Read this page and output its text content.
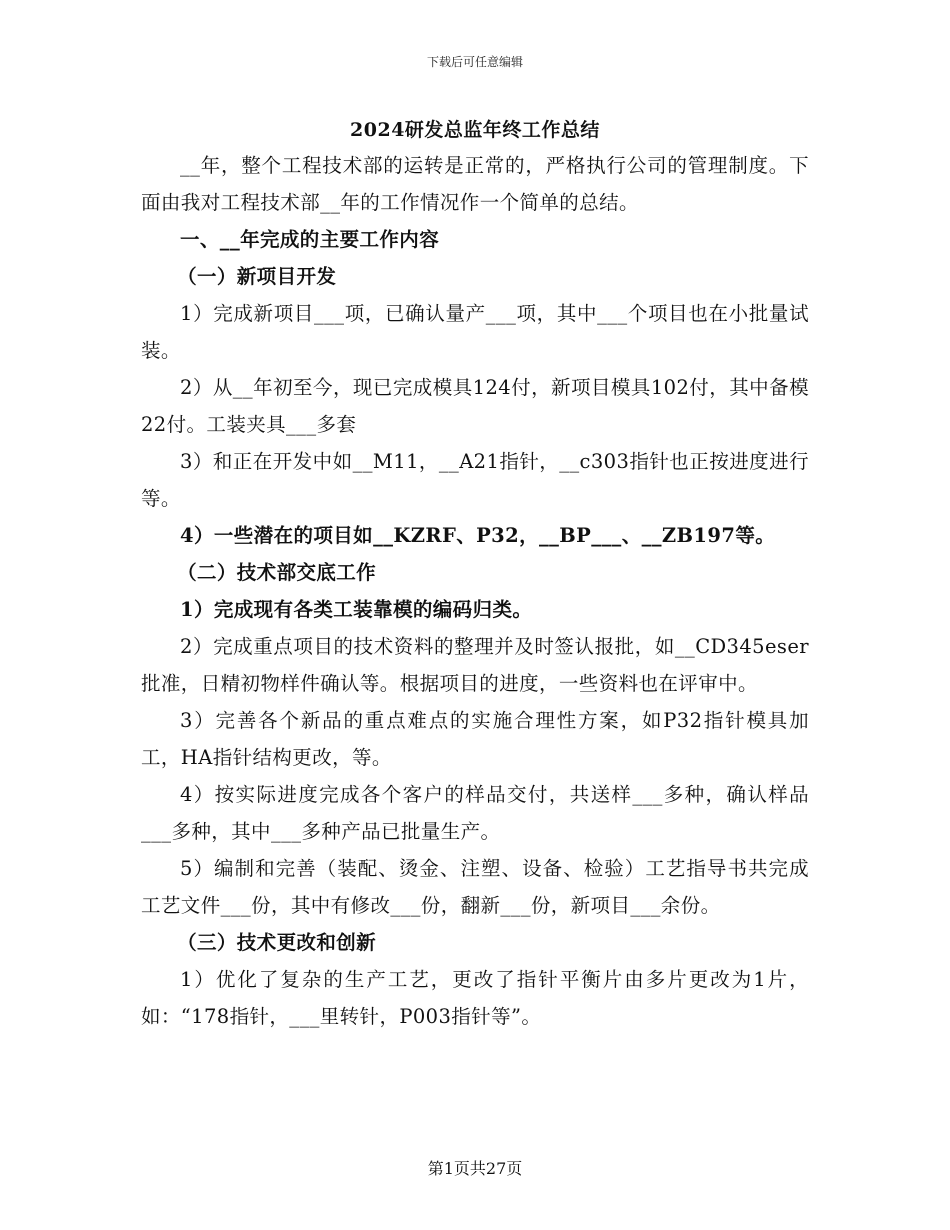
下载后可任意编辑
2024研发总监年终工作总结

__年，整个工程技术部的运转是正常的，严格执行公司的管理制度。下面由我对工程技术部__年的工作情况作一个简单的总结。

一、__年完成的主要工作内容

（一）新项目开发

1）完成新项目___项，已确认量产___项，其中___个项目也在小批量试装。

2）从__年初至今，现已完成模具124付，新项目模具102付，其中备模22付。工装夹具___多套

3）和正在开发中如__M11，__A21指针，__c303指针也正按进度进行等。

4）一些潜在的项目如__KZRF、P32，__BP___、__ZB197等。

（二）技术部交底工作

1）完成现有各类工装靠模的编码归类。

2）完成重点项目的技术资料的整理并及时签认报批，如__CD345eser批准，日精初物样件确认等。根据项目的进度，一些资料也在评审中。

3）完善各个新品的重点难点的实施合理性方案，如P32指针模具加工，HA指针结构更改，等。

4）按实际进度完成各个客户的样品交付，共送样___多种，确认样品___多种，其中___多种产品已批量生产。

5）编制和完善（装配、烫金、注塑、设备、检验）工艺指导书共完成工艺文件___份，其中有修改___份，翻新___份，新项目___余份。

（三）技术更改和创新

1）优化了复杂的生产工艺，更改了指针平衡片由多片更改为1片，如：“178指针，___里转针，P003指针等”。

第1页共27页
